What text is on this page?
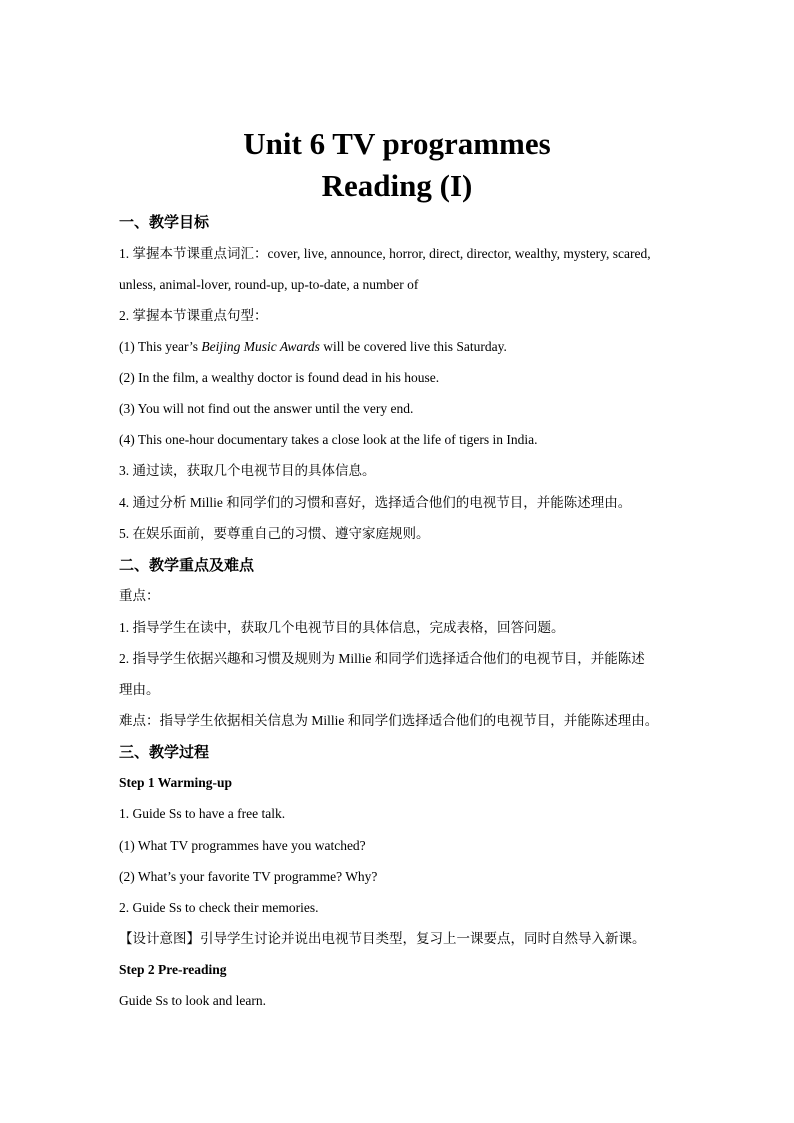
Unit 6 TV programmes
Reading (I)

一、教学目标

1. 掌握本节课重点词汇：cover, live, announce, horror, direct, director, wealthy, mystery, scared,

unless, animal-lover, round-up, up-to-date, a number of

2. 掌握本节课重点句型：

(1) This year’s Beijing Music Awards will be covered live this Saturday.

(2) In the film, a wealthy doctor is found dead in his house.

(3) You will not find out the answer until the very end.

(4) This one-hour documentary takes a close look at the life of tigers in India.

3. 通过读，获取几个电视节目的具体信息。

4. 通过分析 Millie 和同学们的习惯和喜好，选择适合他们的电视节目，并能陈述理由。

5. 在娱乐面前，要尊重自己的习惯、遵守家庭规则。

二、教学重点及难点

重点：

1. 指导学生在读中，获取几个电视节目的具体信息，完成表格，回答问题。

2. 指导学生依据兴趣和习惯及规则为 Millie 和同学们选择适合他们的电视节目，并能陈述

理由。

难点：指导学生依据相关信息为 Millie 和同学们选择适合他们的电视节目，并能陈述理由。

三、教学过程

Step 1 Warming-up

1. Guide Ss to have a free talk.

(1) What TV programmes have you watched?

(2) What’s your favorite TV programme? Why?

2. Guide Ss to check their memories.

【设计意图】引导学生讨论并说出电视节目类型，复习上一课要点，同时自然导入新课。

Step 2 Pre-reading

Guide Ss to look and learn.
